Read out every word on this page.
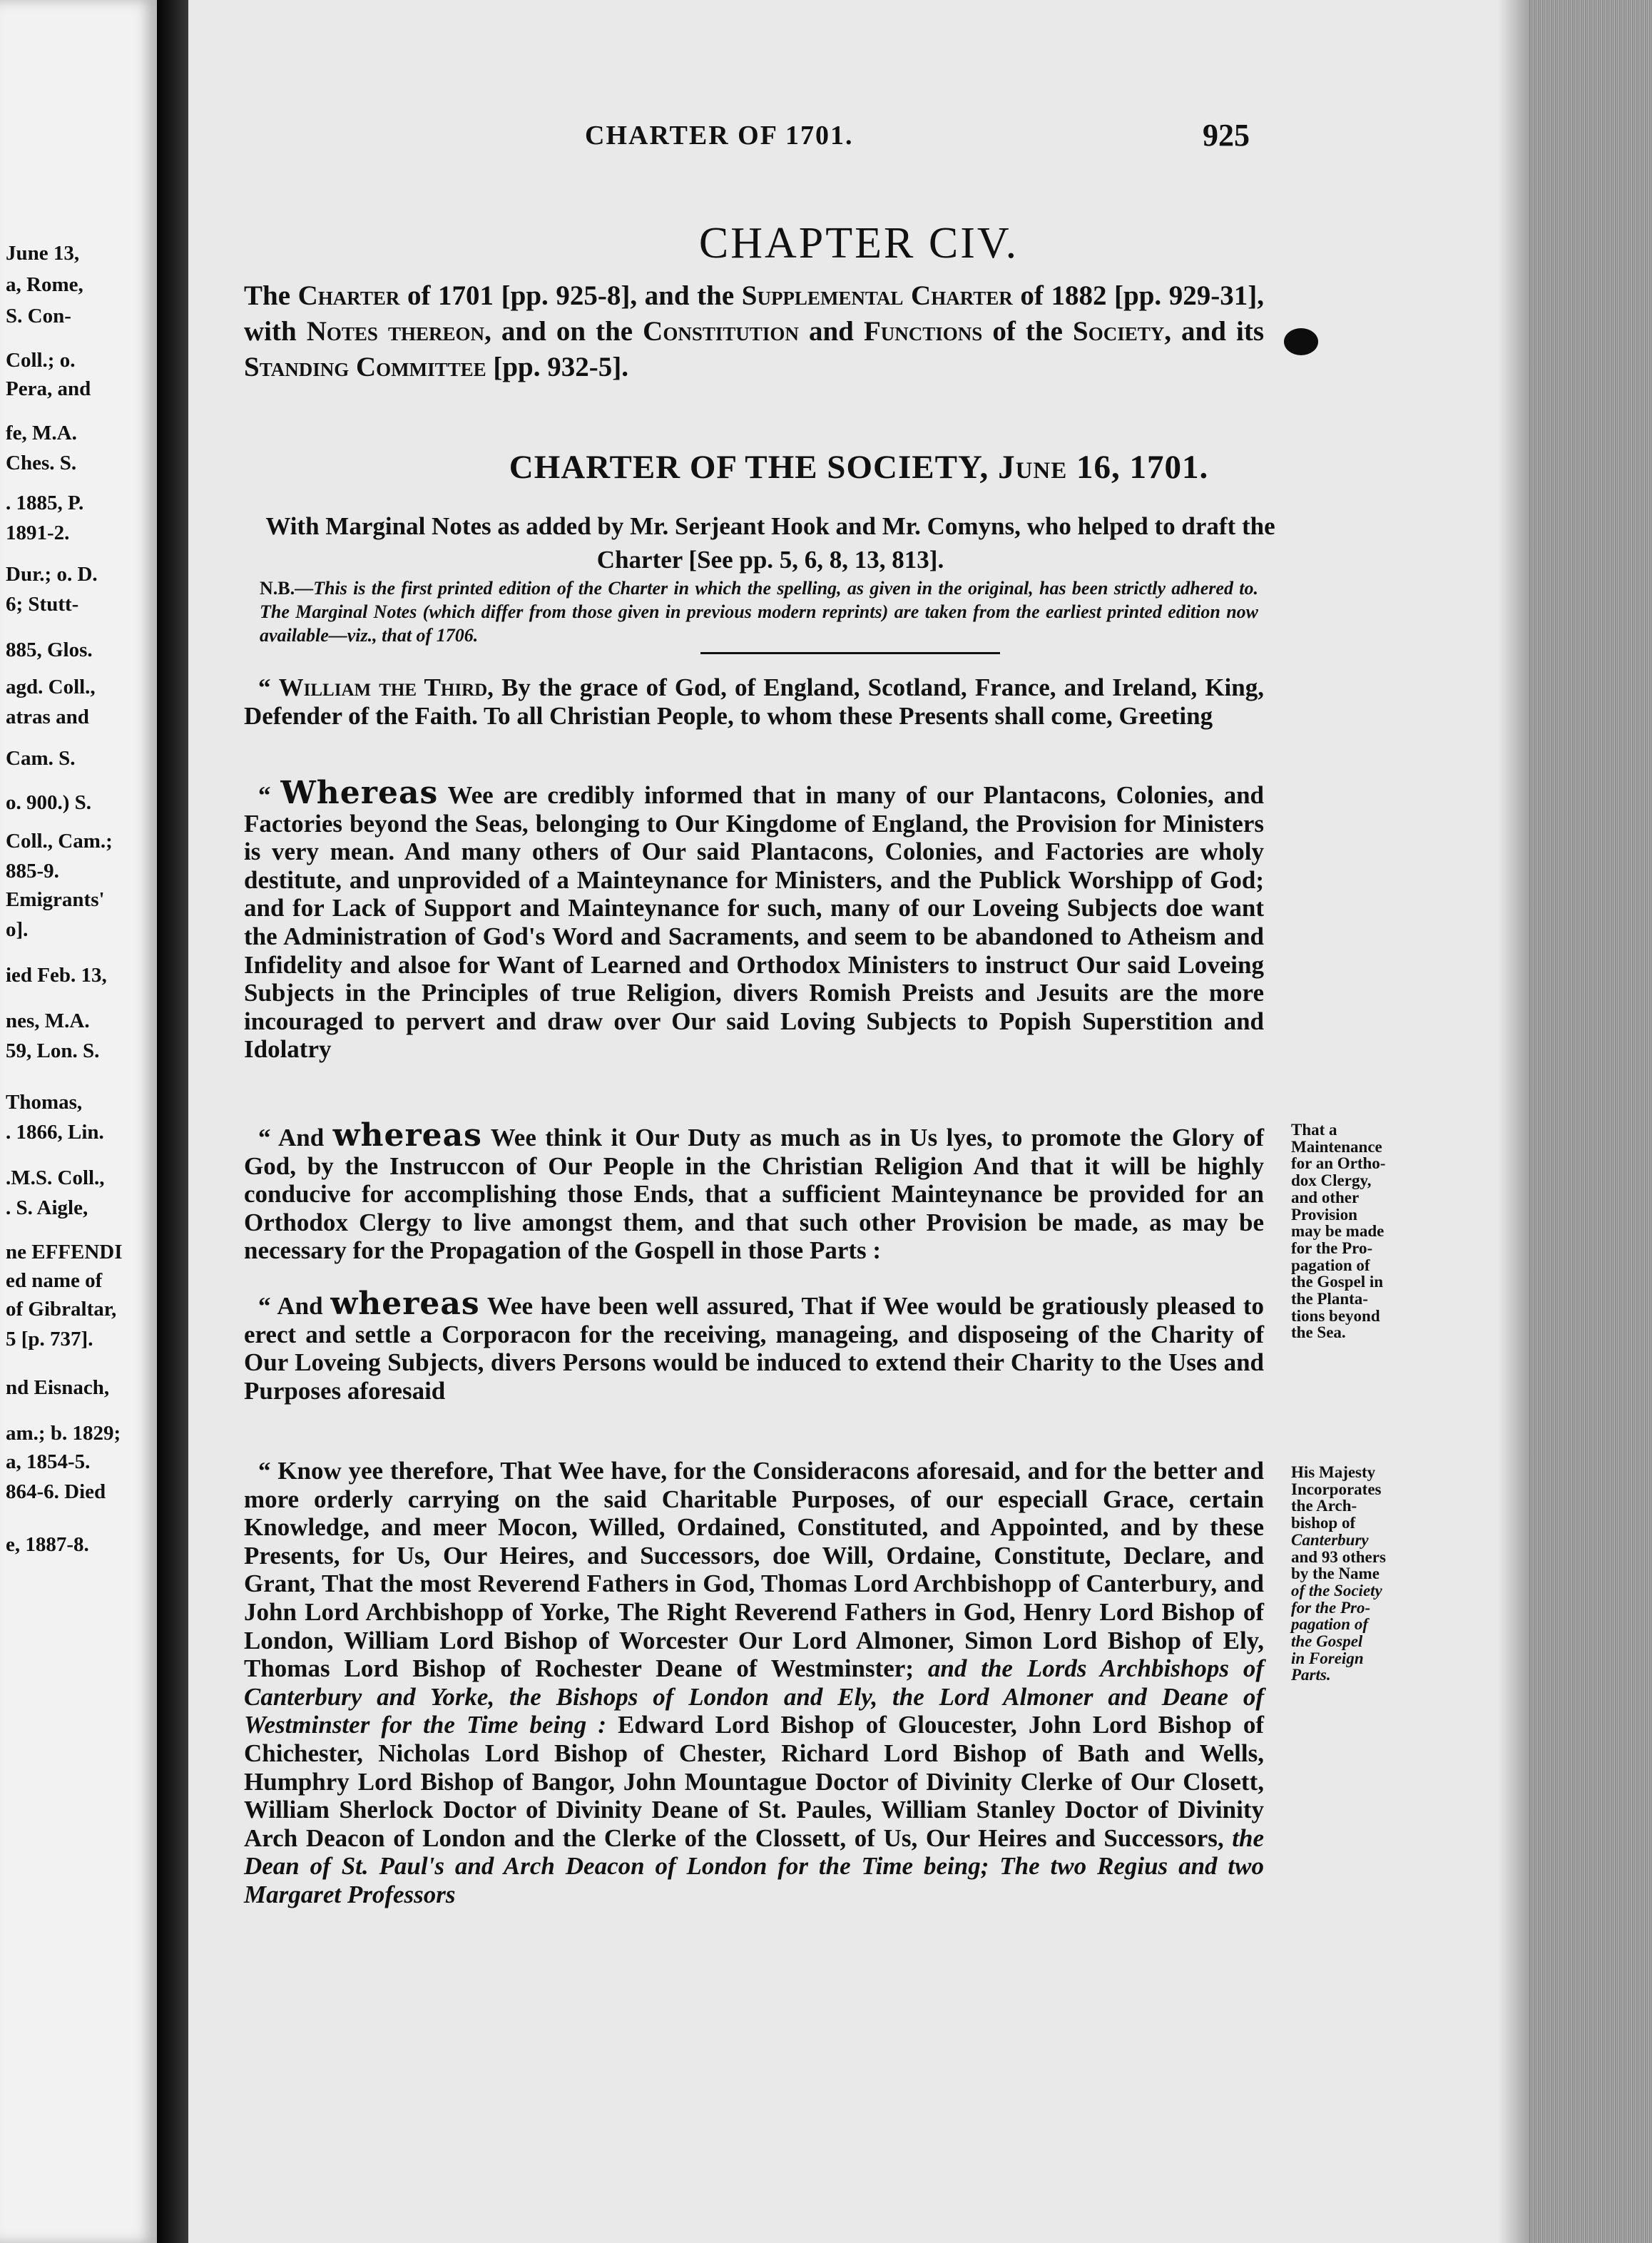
June 13,
a, Rome,
S. Con-
Coll.; o.
Pera, and
fe, M.A.
Ches. S.
. 1885, P.
1891-2.
Dur.; o. D.
6; Stutt-
885, Glos.
agd. Coll.,
atras and
Cam. S.
o. 900.) S.
Coll., Cam.;
885-9.
Emigrants'
o].
ied Feb. 13,
nes, M.A.
59, Lon. S.
Thomas,
. 1866, Lin.
.M.S. Coll.,
. S. Aigle,
ne EFFENDI
ed name of
of Gibraltar,
5 [p. 737].
nd Eisnach,
am.; b. 1829;
a, 1854-5.
864-6. Died
e, 1887-8.
CHARTER OF 1701.	925
CHAPTER CIV.
The Charter of 1701 [pp. 925-8], and the Supplemental Charter of 1882 [pp. 929-31], with Notes thereon, and on the Constitution and Functions of the Society, and its Standing Committee [pp. 932-5].
CHARTER OF THE SOCIETY, June 16, 1701.
With Marginal Notes as added by Mr. Serjeant Hook and Mr. Comyns, who helped to draft the Charter [See pp. 5, 6, 8, 13, 813].
N.B.—This is the first printed edition of the Charter in which the spelling, as given in the original, has been strictly adhered to. The Marginal Notes (which differ from those given in previous modern reprints) are taken from the earliest printed edition now available—viz., that of 1706.
“ William the Third, By the grace of God, of England, Scotland, France, and Ireland, King, Defender of the Faith. To all Christian People, to whom these Presents shall come, Greeting
“ Whereas Wee are credibly informed that in many of our Plantacons, Colonies, and Factories beyond the Seas, belonging to Our Kingdome of England, the Provision for Ministers is very mean. And many others of Our said Plantacons, Colonies, and Factories are wholy destitute, and unprovided of a Mainteynance for Ministers, and the Publick Worshipp of God; and for Lack of Support and Mainteynance for such, many of our Loveing Subjects doe want the Administration of God's Word and Sacraments, and seem to be abandoned to Atheism and Infidelity and alsoe for Want of Learned and Orthodox Ministers to instruct Our said Loveing Subjects in the Principles of true Religion, divers Romish Preists and Jesuits are the more incouraged to pervert and draw over Our said Loving Subjects to Popish Superstition and Idolatry
“ And whereas Wee think it Our Duty as much as in Us lyes, to promote the Glory of God, by the Instruccon of Our People in the Christian Religion And that it will be highly conducive for accomplishing those Ends, that a sufficient Mainteynance be provided for an Orthodox Clergy to live amongst them, and that such other Provision be made, as may be necessary for the Propagation of the Gospell in those Parts :
“ And whereas Wee have been well assured, That if Wee would be gratiously pleased to erect and settle a Corporacon for the receiving, manageing, and disposeing of the Charity of Our Loveing Subjects, divers Persons would be induced to extend their Charity to the Uses and Purposes aforesaid
“ Know yee therefore, That Wee have, for the Consideracons aforesaid, and for the better and more orderly carrying on the said Charitable Purposes, of our especiall Grace, certain Knowledge, and meer Mocon, Willed, Ordained, Constituted, and Appointed, and by these Presents, for Us, Our Heires, and Successors, doe Will, Ordaine, Constitute, Declare, and Grant, That the most Reverend Fathers in God, Thomas Lord Archbishopp of Canterbury, and John Lord Archbishopp of Yorke, The Right Reverend Fathers in God, Henry Lord Bishop of London, William Lord Bishop of Worcester Our Lord Almoner, Simon Lord Bishop of Ely, Thomas Lord Bishop of Rochester Deane of Westminster; and the Lords Archbishops of Canterbury and Yorke, the Bishops of London and Ely, the Lord Almoner and Deane of Westminster for the Time being : Edward Lord Bishop of Gloucester, John Lord Bishop of Chichester, Nicholas Lord Bishop of Chester, Richard Lord Bishop of Bath and Wells, Humphry Lord Bishop of Bangor, John Mountague Doctor of Divinity Clerke of Our Closett, William Sherlock Doctor of Divinity Deane of St. Paules, William Stanley Doctor of Divinity Arch Deacon of London and the Clerke of the Clossett, of Us, Our Heires and Successors, the Dean of St. Paul's and Arch Deacon of London for the Time being; The two Regius and two Margaret Professors
That a
Maintenance
for an Ortho-
dox Clergy,
and other
Provision
may be made
for the Pro-
pagation of
the Gospel in
the Planta-
tions beyond
the Sea.
His Majesty
Incorporates
the Arch-
bishop of
Canterbury
and 93 others
by the Name
of the Society
for the Pro-
pagation of
the Gospel
in Foreign
Parts.
